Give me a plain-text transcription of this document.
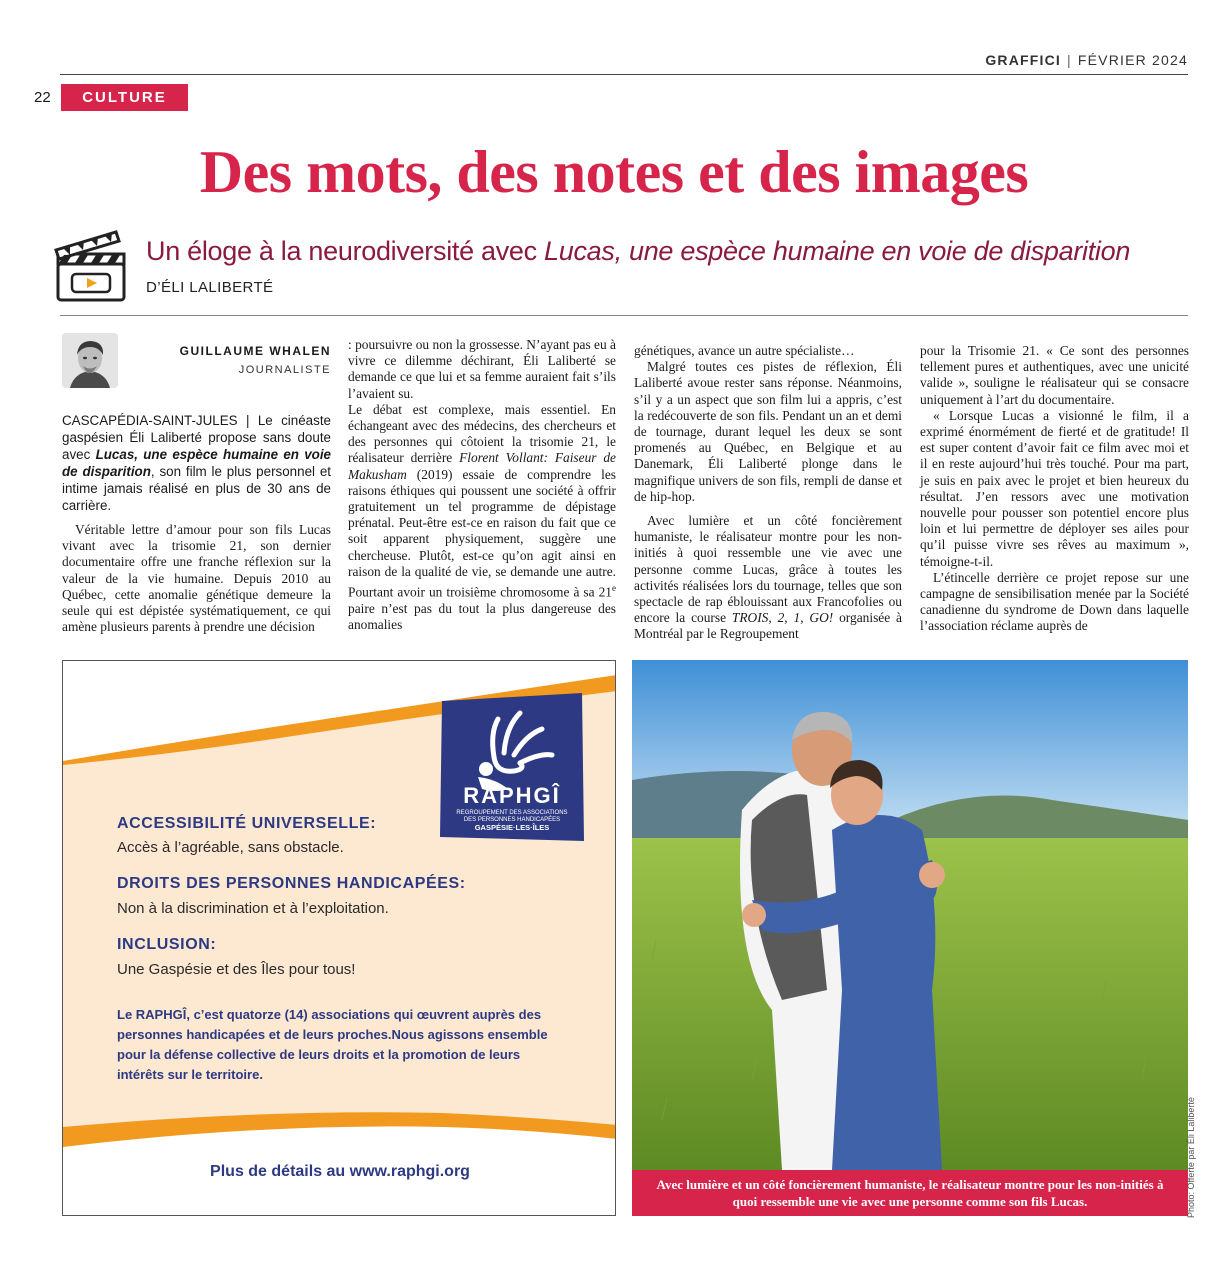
GRAFFICI | FÉVRIER 2024
22	CULTURE
Des mots, des notes et des images
Un éloge à la neurodiversité avec Lucas, une espèce humaine en voie de disparition
D’ÉLI LALIBERTÉ
GUILLAUME WHALEN
JOURNALISTE

CASCAPÉDIA-SAINT-JULES | Le cinéaste gaspésien Éli Laliberté propose sans doute avec Lucas, une espèce humaine en voie de disparition, son film le plus personnel et intime jamais réalisé en plus de 30 ans de carrière.

Véritable lettre d’amour pour son fils Lucas vivant avec la trisomie 21, son dernier documentaire offre une franche réflexion sur la valeur de la vie humaine. Depuis 2010 au Québec, cette anomalie génétique demeure la seule qui est dépistée systématiquement, ce qui amène plusieurs parents à prendre une décision

: poursuivre ou non la grossesse. N’ayant pas eu à vivre ce dilemme déchirant, Éli Laliberté se demande ce que lui et sa femme auraient fait s’ils l’avaient su.

Le débat est complexe, mais essentiel. En échangeant avec des médecins, des chercheurs et des personnes qui côtoient la trisomie 21, le réalisateur derrière Florent Vollant: Faiseur de Makusham (2019) essaie de comprendre les raisons éthiques qui poussent une société à offrir gratuitement un tel programme de dépistage prénatal. Peut-être est-ce en raison du fait que ce soit apparent physiquement, suggère une chercheuse. Plutôt, est-ce qu’on agit ainsi en raison de la qualité de vie, se demande une autre. Pourtant avoir un troisième chromosome à sa 21e paire n’est pas du tout la plus dangereuse des anomalies

génétiques, avance un autre spécialiste…

Malgré toutes ces pistes de réflexion, Éli Laliberté avoue rester sans réponse. Néanmoins, s’il y a un aspect que son film lui a appris, c’est la redécouverte de son fils. Pendant un an et demi de tournage, durant lequel les deux se sont promenés au Québec, en Belgique et au Danemark, Éli Laliberté plonge dans le magnifique univers de son fils, rempli de danse et de hip-hop.

Avec lumière et un côté foncièrement humaniste, le réalisateur montre pour les non-initiés à quoi ressemble une vie avec une personne comme Lucas, grâce à toutes les activités réalisées lors du tournage, telles que son spectacle de rap éblouissant aux Francofolies ou encore la course TROIS, 2, 1, GO! organisée à Montréal par le Regroupement

pour la Trisomie 21. « Ce sont des personnes tellement pures et authentiques, avec une unicité valide », souligne le réalisateur qui se consacre uniquement à l’art du documentaire.

« Lorsque Lucas a visionné le film, il a exprimé énormément de fierté et de gratitude! Il est super content d’avoir fait ce film avec moi et il en reste aujourd’hui très touché. Pour ma part, je suis en paix avec le projet et bien heureux du résultat. J’en ressors avec une motivation nouvelle pour pousser son potentiel encore plus loin et lui permettre de déployer ses ailes pour qu’il puisse vivre ses rêves au maximum », témoigne-t-il.

L’étincelle derrière ce projet repose sur une campagne de sensibilisation menée par la Société canadienne du syndrome de Down dans laquelle l’association réclame auprès de

RAPHGÎ
REGROUPEMENT DES ASSOCIATIONS
DES PERSONNES HANDICAPÉES
GASPÉSIE·LES·ÎLES
ACCESSIBILITÉ UNIVERSELLE:
Accès à l’agréable, sans obstacle.
DROITS DES PERSONNES HANDICAPÉES:
Non à la discrimination et à l’exploitation.
INCLUSION:
Une Gaspésie et des Îles pour tous!
Le RAPHGÎ, c’est quatorze (14) associations qui œuvrent auprès des personnes handicapées et de leurs proches.Nous agissons ensemble pour la défense collective de leurs droits et la promotion de leurs intérêts sur le territoire.
Plus de détails au www.raphgi.org
Avec lumière et un côté foncièrement humaniste, le réalisateur montre pour les non-initiés à quoi ressemble une vie avec une personne comme son fils Lucas.	Photo: Offerte par Éli Laliberté
